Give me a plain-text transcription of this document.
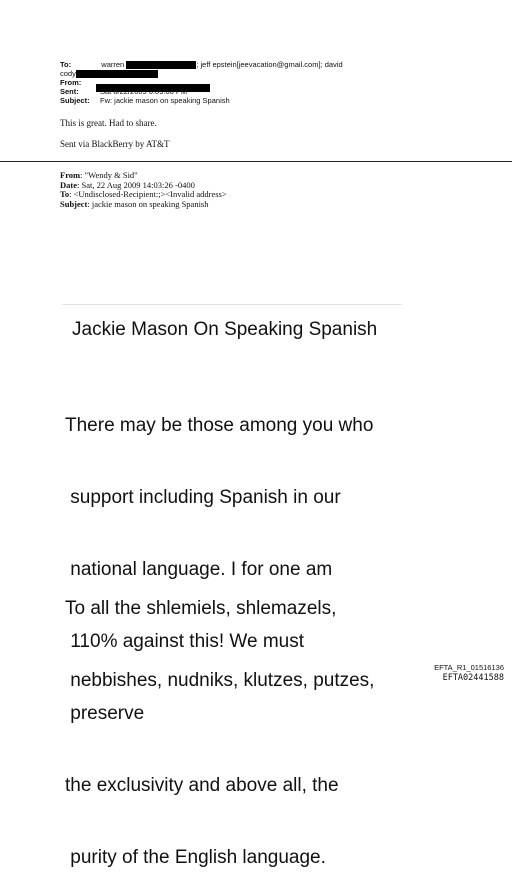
To:	warren	; jeff epstein[jeevacation@gmail.com]; david
cody
From:
Sent:	Sat 8/22/2009 6:09:06 PM
Subject: Fw: jackie mason on speaking Spanish
This is great. Had to share.
Sent via BlackBerry by AT&T
From: "Wendy & Sid"
Date: Sat, 22 Aug 2009 14:03:26 -0400
To: <Undisclosed-Recipient:;><Invalid address>
Subject: jackie mason on speaking Spanish
Jackie Mason On Speaking Spanish

There may be those among you who

support including Spanish in our

national language. I for one am

110% against this! We must

preserve

the exclusivity and above all, the

purity of the English language.

To all the shlemiels, shlemazels,

nebbishes, nudniks, klutzes, putzes,

EFTA_R1_01516136
EFTA02441588
